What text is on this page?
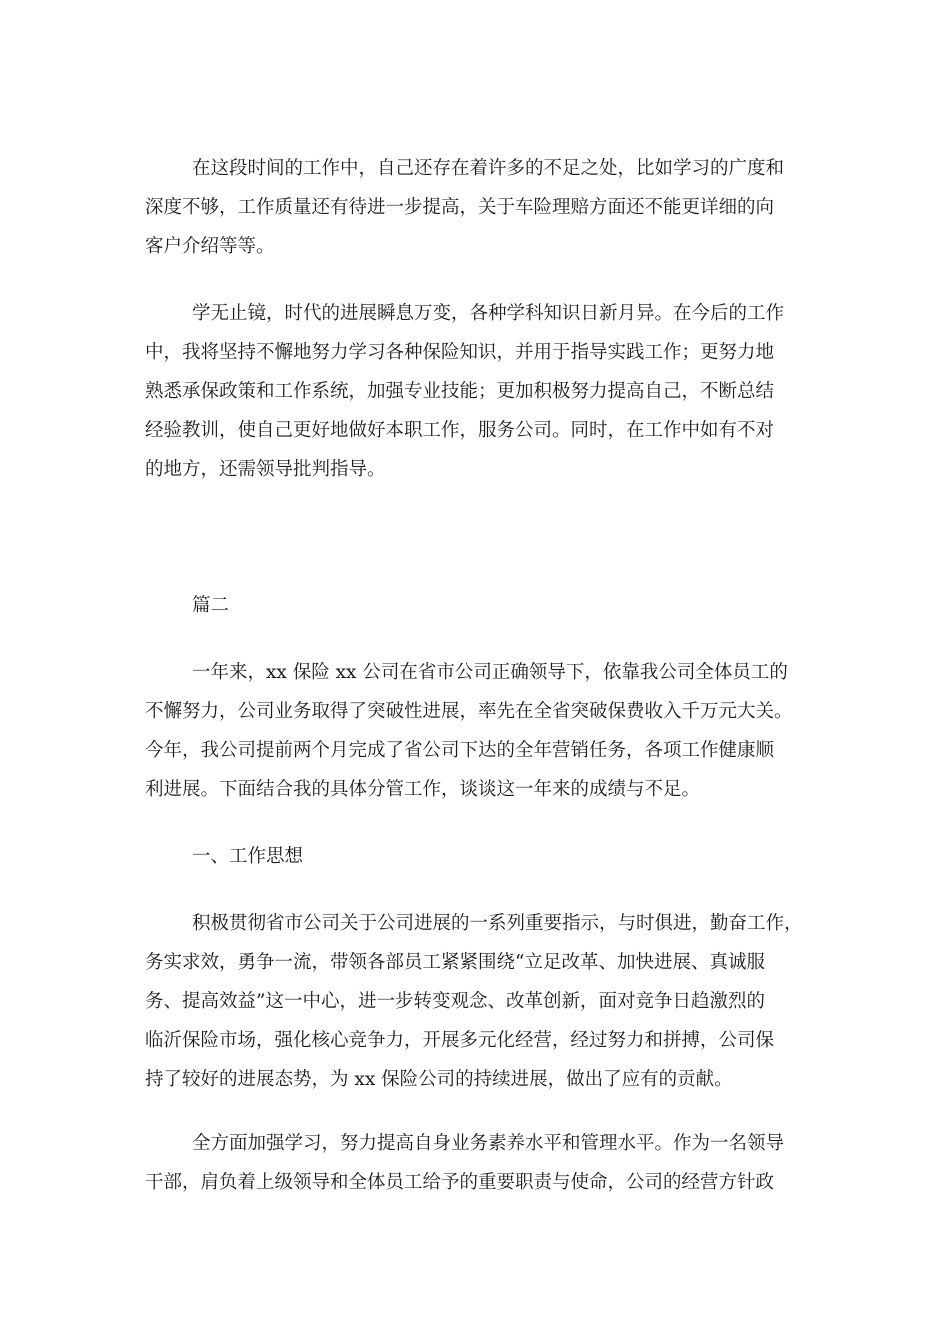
在这段时间的工作中，自己还存在着许多的不足之处，比如学习的广度和
深度不够，工作质量还有待进一步提高，关于车险理赔方面还不能更详细的向
客户介绍等等。
学无止镜，时代的进展瞬息万变，各种学科知识日新月异。在今后的工作
中，我将坚持不懈地努力学习各种保险知识，并用于指导实践工作；更努力地
熟悉承保政策和工作系统，加强专业技能；更加积极努力提高自己，不断总结
经验教训，使自己更好地做好本职工作，服务公司。同时，在工作中如有不对
的地方，还需领导批判指导。
篇二
一年来，xx 保险 xx 公司在省市公司正确领导下，依靠我公司全体员工的
不懈努力，公司业务取得了突破性进展，率先在全省突破保费收入千万元大关。
今年，我公司提前两个月完成了省公司下达的全年营销任务，各项工作健康顺
利进展。下面结合我的具体分管工作，谈谈这一年来的成绩与不足。
一、工作思想
积极贯彻省市公司关于公司进展的一系列重要指示，与时俱进，勤奋工作，
务实求效，勇争一流，带领各部员工紧紧围绕“立足改革、加快进展、真诚服
务、提高效益”这一中心，进一步转变观念、改革创新，面对竞争日趋激烈的
临沂保险市场，强化核心竞争力，开展多元化经营，经过努力和拼搏，公司保
持了较好的进展态势，为 xx 保险公司的持续进展，做出了应有的贡献。
全方面加强学习，努力提高自身业务素养水平和管理水平。作为一名领导
干部，肩负着上级领导和全体员工给予的重要职责与使命，公司的经营方针政
